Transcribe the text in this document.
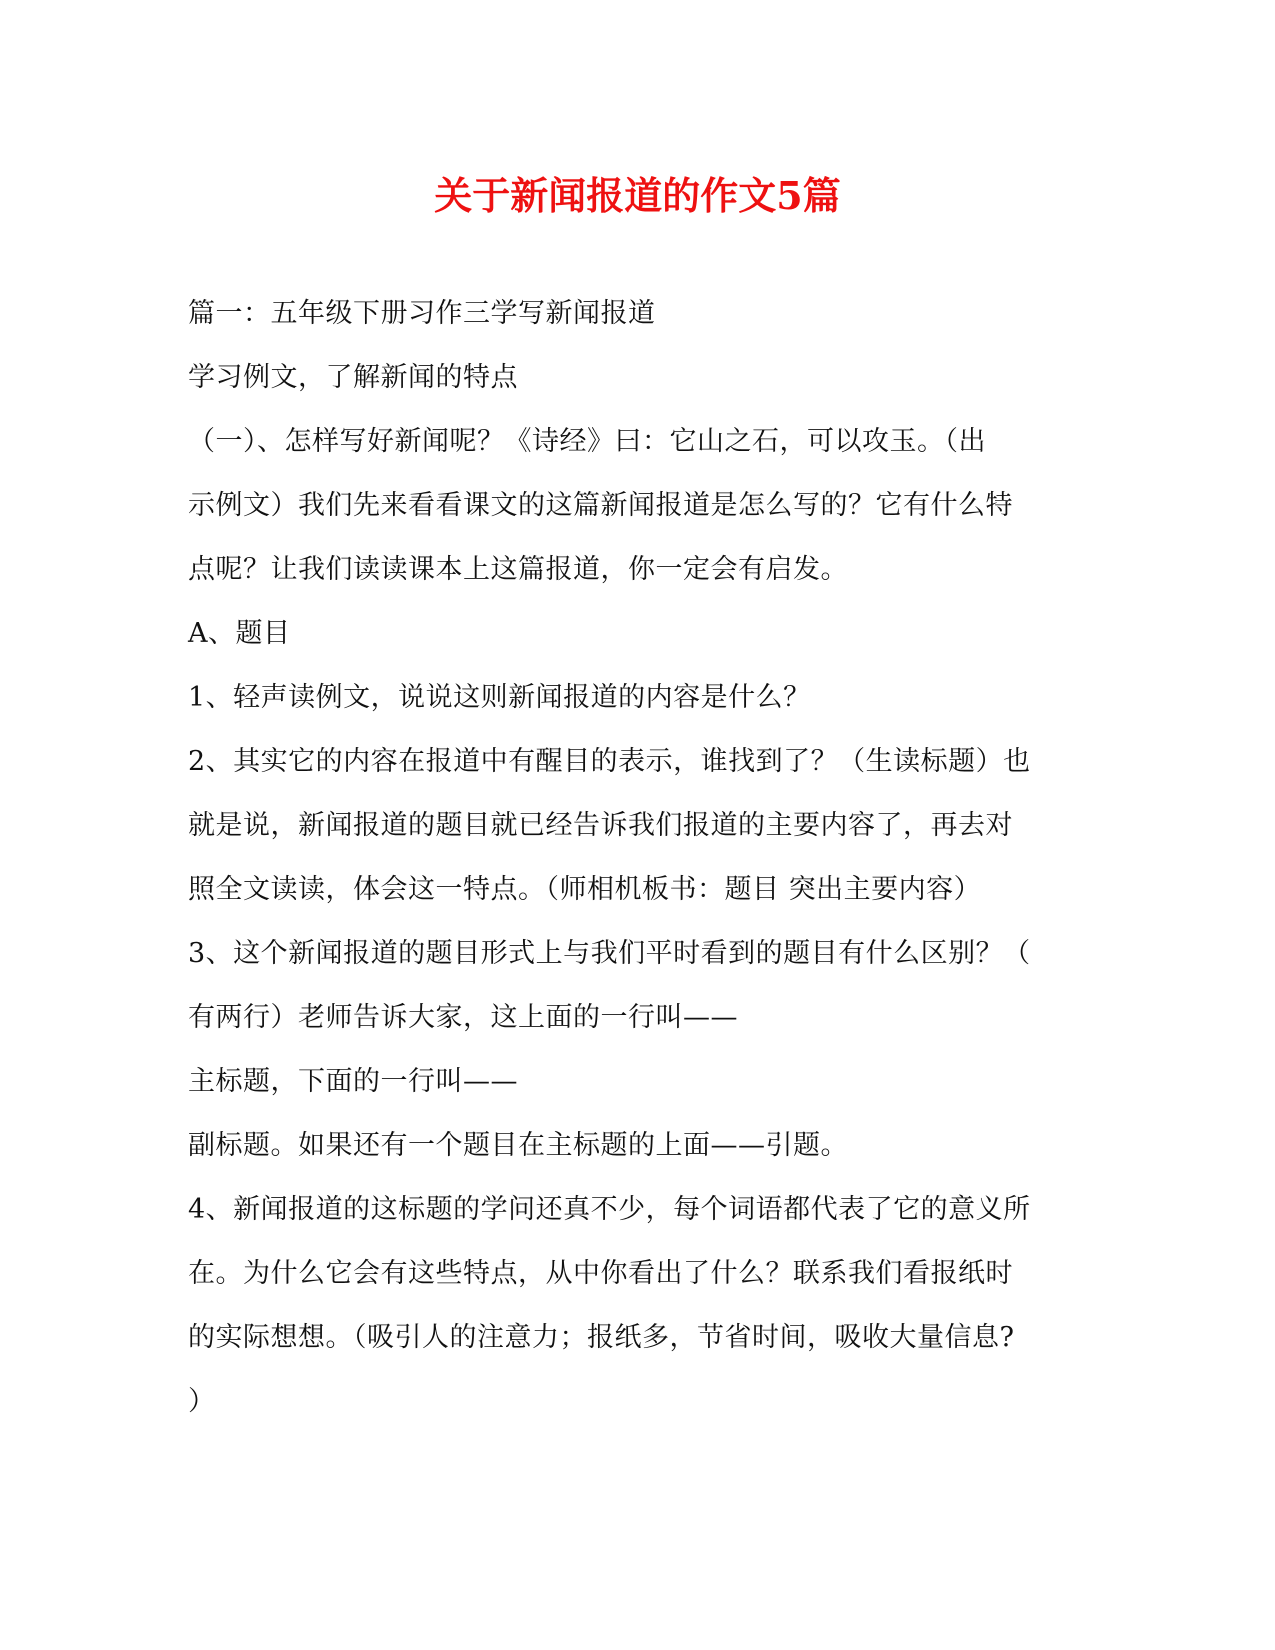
关于新闻报道的作文5篇

篇一：五年级下册习作三学写新闻报道

学习例文，了解新闻的特点

（一）、怎样写好新闻呢？《诗经》曰：它山之石，可以攻玉。（出

示例文）我们先来看看课文的这篇新闻报道是怎么写的？它有什么特

点呢？让我们读读课本上这篇报道，你一定会有启发。

A、题目

1、轻声读例文，说说这则新闻报道的内容是什么？

2、其实它的内容在报道中有醒目的表示，谁找到了？（生读标题）也

就是说，新闻报道的题目就已经告诉我们报道的主要内容了，再去对

照全文读读，体会这一特点。（师相机板书：题目 突出主要内容）

3、这个新闻报道的题目形式上与我们平时看到的题目有什么区别？（

有两行）老师告诉大家，这上面的一行叫——

主标题，下面的一行叫——

副标题。如果还有一个题目在主标题的上面——引题。

4、新闻报道的这标题的学问还真不少，每个词语都代表了它的意义所

在。为什么它会有这些特点，从中你看出了什么？联系我们看报纸时

的实际想想。（吸引人的注意力；报纸多，节省时间，吸收大量信息?

）
